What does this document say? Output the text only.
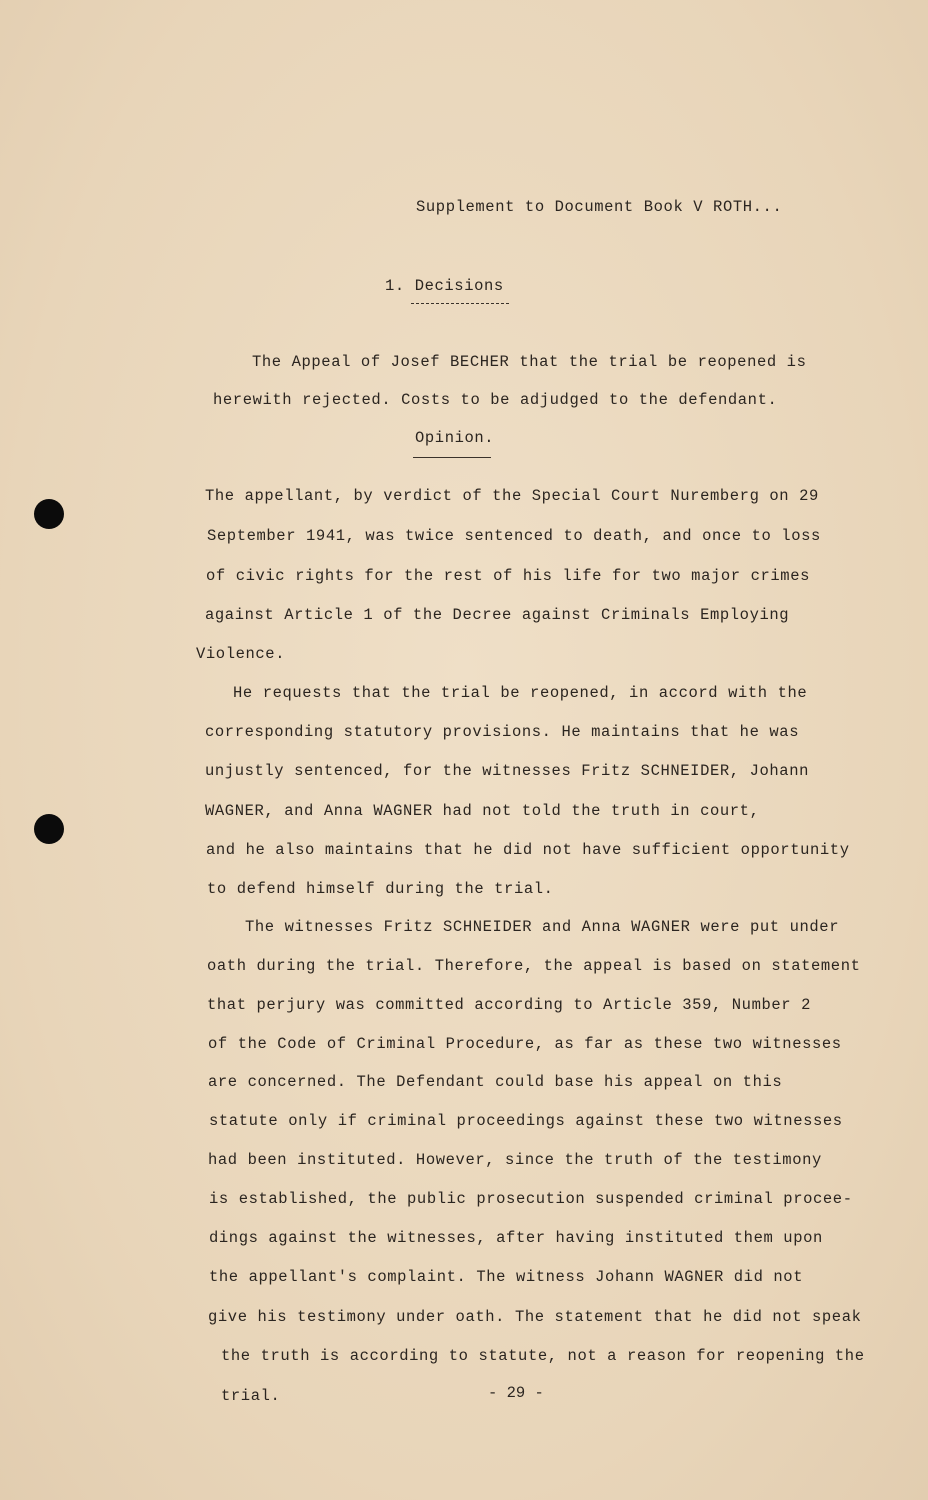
Supplement to Document Book V ROTH...
1. Decisions
The Appeal of Josef BECHER that the trial be reopened is
herewith rejected. Costs to be adjudged to the defendant.
Opinion.
The appellant, by verdict of the Special Court Nuremberg on 29
September 1941, was twice sentenced to death, and once to loss
of civic rights for the rest of his life for two major crimes
against Article 1 of the Decree against Criminals Employing
Violence.
He requests that the trial be reopened, in accord with the
corresponding statutory provisions. He maintains that he was
unjustly sentenced, for the witnesses Fritz SCHNEIDER, Johann
WAGNER, and Anna WAGNER had not told the truth in court,
and he also maintains that he did not have sufficient opportunity
to defend himself during the trial.
The witnesses Fritz SCHNEIDER and Anna WAGNER were put under
oath during the trial. Therefore, the appeal is based on statement
that perjury was committed according to Article 359, Number 2
of the Code of Criminal Procedure, as far as these two witnesses
are concerned. The Defendant could base his appeal on this
statute only if criminal proceedings against these two witnesses
had been instituted. However, since the truth of the testimony
is established, the public prosecution suspended criminal procee-
dings against the witnesses, after having instituted them upon
the appellant's complaint. The witness Johann WAGNER did not
give his testimony under oath. The statement that he did not speak
the truth is according to statute, not a reason for reopening the
trial.	- 29 -
